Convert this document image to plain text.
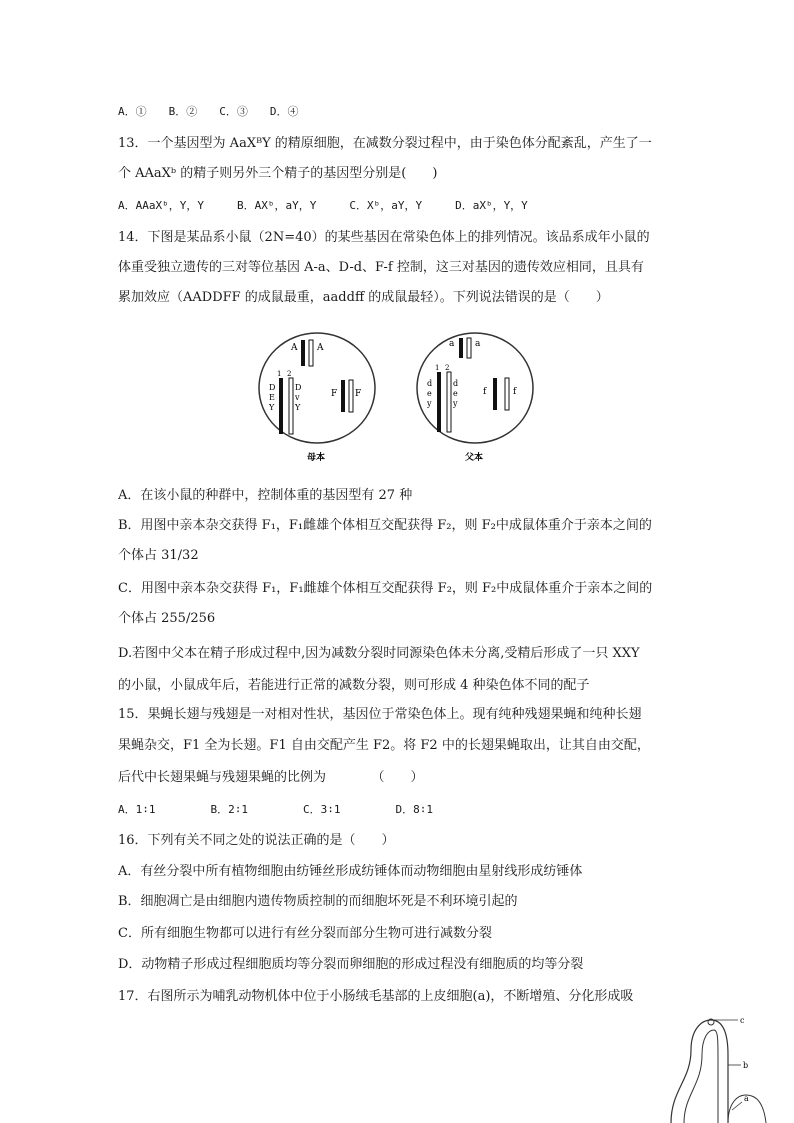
A．①　　B．②　　C．③　　D．④
13．一个基因型为 AaXᴮY 的精原细胞，在减数分裂过程中，由于染色体分配紊乱，产生了一
个 AAaXᵇ 的精子则另外三个精子的基因型分别是(　　)
A．AAaXᵇ，Y，Y　　　B．AXᵇ，aY，Y　　　C．Xᵇ，aY，Y　　　D．aXᵇ，Y，Y
14．下图是某品系小鼠（2N=40）的某些基因在常染色体上的排列情况。该品系成年小鼠的
体重受独立遗传的三对等位基因 A-a、D-d、F-f 控制，这三对基因的遗传效应相同，且具有
累加效应（AADDFF 的成鼠最重，aaddff 的成鼠最轻）。下列说法错误的是（　　）
A A
1 2
D
E
Y
D
v
Y
F F
a a
1 2
d
e
y
d
e
y
f	f
母本	父本
A．在该小鼠的种群中，控制体重的基因型有 27 种
B．用图中亲本杂交获得 F₁，F₁雌雄个体相互交配获得 F₂，则 F₂中成鼠体重介于亲本之间的
个体占 31/32
C．用图中亲本杂交获得 F₁，F₁雌雄个体相互交配获得 F₂，则 F₂中成鼠体重介于亲本之间的
个体占 255/256
D.若图中父本在精子形成过程中,因为减数分裂时同源染色体未分离,受精后形成了一只 XXY
的小鼠，小鼠成年后，若能进行正常的减数分裂，则可形成 4 种染色体不同的配子
15．果蝇长翅与残翅是一对相对性状，基因位于常染色体上。现有纯种残翅果蝇和纯种长翅
果蝇杂交，F1 全为长翅。F1 自由交配产生 F2。将 F2 中的长翅果蝇取出，让其自由交配，
后代中长翅果蝇与残翅果蝇的比例为　　　　（　　）
A．1∶1　　　　　B．2∶1　　　　　C．3∶1　　　　　D．8∶1
16．下列有关不同之处的说法正确的是（　　）
A．有丝分裂中所有植物细胞由纺锤丝形成纺锤体而动物细胞由星射线形成纺锤体
B．细胞凋亡是由细胞内遗传物质控制的而细胞坏死是不利环境引起的
C．所有细胞生物都可以进行有丝分裂而部分生物可进行减数分裂
D．动物精子形成过程细胞质均等分裂而卵细胞的形成过程没有细胞质的均等分裂
17．右图所示为哺乳动物机体中位于小肠绒毛基部的上皮细胞(a)，不断增殖、分化形成吸
c
b
a
